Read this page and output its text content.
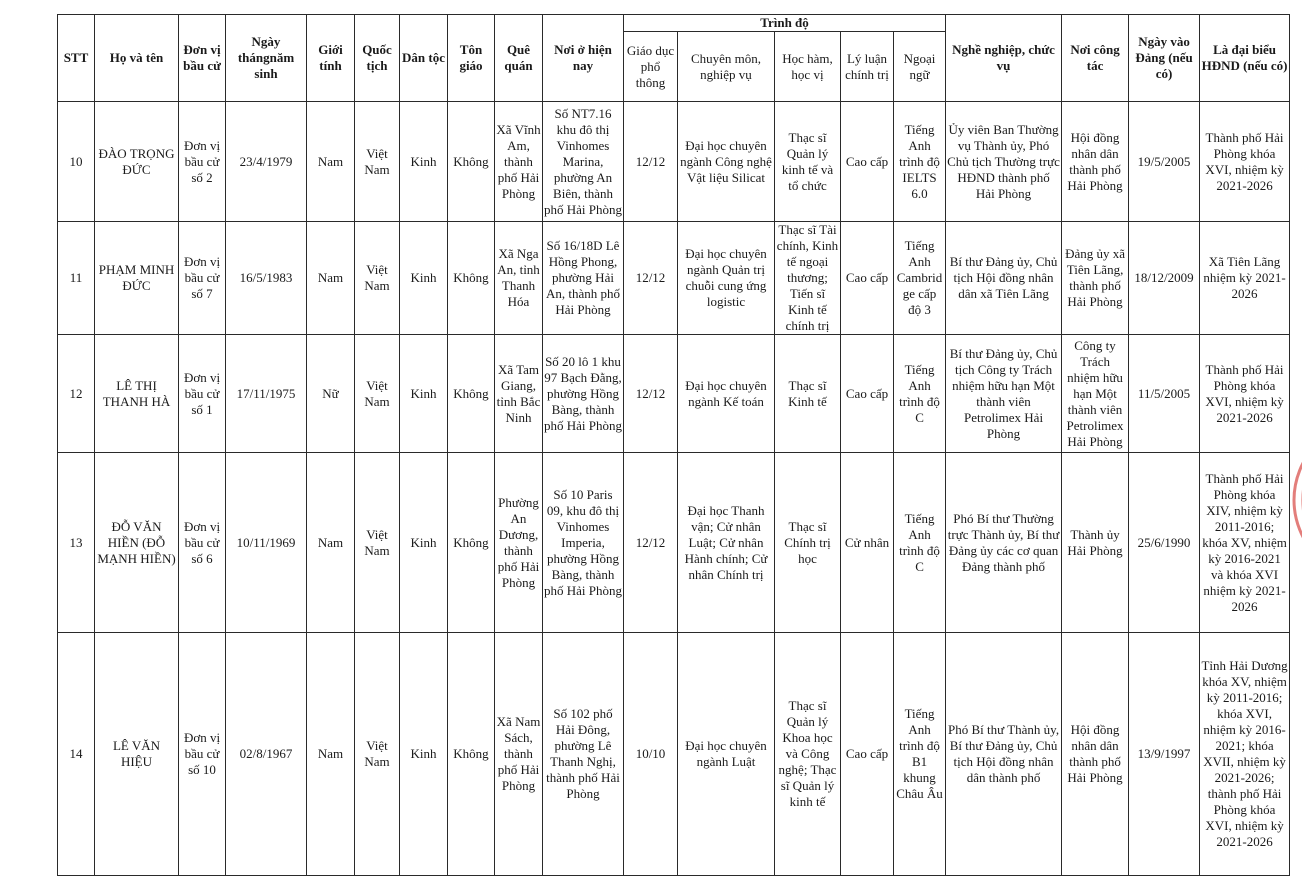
STT	Họ và tên	Đơn vị bầu cử	Ngày thángnăm sinh	Giới tính	Quốc tịch	Dân tộc	Tôn giáo	Quê quán	Nơi ở hiện nay	Trình độ					Nghề nghiệp, chức vụ	Nơi công tác	Ngày vào Đảng (nếu có)	Là đại biểu HĐND (nếu có)
										Giáo dục phổ thông	Chuyên môn, nghiệp vụ	Học hàm, học vị	Lý luận chính trị	Ngoại ngữ				
10	ĐÀO TRỌNG ĐỨC	Đơn vị bầu cử số 2	23/4/1979	Nam	Việt Nam	Kinh	Không	Xã Vĩnh Am, thành phố Hải Phòng	Số NT7.16 khu đô thị Vinhomes Marina, phường An Biên, thành phố Hải Phòng	12/12	Đại học chuyên ngành Công nghệ Vật liệu Silicat	Thạc sĩ Quản lý kinh tế và tổ chức	Cao cấp	Tiếng Anh trình độ IELTS 6.0	Ủy viên Ban Thường vụ Thành ủy, Phó Chủ tịch Thường trực HĐND thành phố Hải Phòng	Hội đồng nhân dân thành phố Hải Phòng	19/5/2005	Thành phố Hải Phòng khóa XVI, nhiệm kỳ 2021-2026
11	PHẠM MINH ĐỨC	Đơn vị bầu cử số 7	16/5/1983	Nam	Việt Nam	Kinh	Không	Xã Nga An, tỉnh Thanh Hóa	Số 16/18D Lê Hồng Phong, phường Hải An, thành phố Hải Phòng	12/12	Đại học chuyên ngành Quản trị chuỗi cung ứng logistic	Thạc sĩ Tài chính, Kinh tế ngoại thương; Tiến sĩ Kinh tế chính trị	Cao cấp	Tiếng Anh Cambridge cấp độ 3	Bí thư Đảng ủy, Chủ tịch Hội đồng nhân dân xã Tiên Lãng	Đảng ủy xã Tiên Lãng, thành phố Hải Phòng	18/12/2009	Xã Tiên Lãng nhiệm kỳ 2021-2026
12	LÊ THỊ THANH HÀ	Đơn vị bầu cử số 1	17/11/1975	Nữ	Việt Nam	Kinh	Không	Xã Tam Giang, tỉnh Bắc Ninh	Số 20 lô 1 khu 97 Bạch Đằng, phường Hồng Bàng, thành phố Hải Phòng	12/12	Đại học chuyên ngành Kế toán	Thạc sĩ Kinh tế	Cao cấp	Tiếng Anh trình độ C	Bí thư Đảng ủy, Chủ tịch Công ty Trách nhiệm hữu hạn Một thành viên Petrolimex Hải Phòng	Công ty Trách nhiệm hữu hạn Một thành viên Petrolimex Hải Phòng	11/5/2005	Thành phố Hải Phòng khóa XVI, nhiệm kỳ 2021-2026
13	ĐỖ VĂN HIỀN (ĐỖ MẠNH HIỀN)	Đơn vị bầu cử số 6	10/11/1969	Nam	Việt Nam	Kinh	Không	Phường An Dương, thành phố Hải Phòng	Số 10 Paris 09, khu đô thị Vinhomes Imperia, phường Hồng Bàng, thành phố Hải Phòng	12/12	Đại học Thanh vận; Cử nhân Luật; Cử nhân Hành chính; Cử nhân Chính trị	Thạc sĩ Chính trị học	Cử nhân	Tiếng Anh trình độ C	Phó Bí thư Thường trực Thành ủy, Bí thư Đảng ủy các cơ quan Đảng thành phố	Thành ủy Hải Phòng	25/6/1990	Thành phố Hải Phòng khóa XIV, nhiệm kỳ 2011-2016; khóa XV, nhiệm kỳ 2016-2021 và khóa XVI nhiệm kỳ 2021-2026
14	LÊ VĂN HIỆU	Đơn vị bầu cử số 10	02/8/1967	Nam	Việt Nam	Kinh	Không	Xã Nam Sách, thành phố Hải Phòng	Số 102 phố Hải Đông, phường Lê Thanh Nghị, thành phố Hải Phòng	10/10	Đại học chuyên ngành Luật	Thạc sĩ Quản lý Khoa học và Công nghệ; Thạc sĩ Quản lý kinh tế	Cao cấp	Tiếng Anh trình độ B1 khung Châu Âu	Phó Bí thư Thành ủy, Bí thư Đảng ủy, Chủ tịch Hội đồng nhân dân thành phố	Hội đồng nhân dân thành phố Hải Phòng	13/9/1997	Tỉnh Hải Dương khóa XV, nhiệm kỳ 2011-2016; khóa XVI, nhiệm kỳ 2016-2021; khóa XVII, nhiệm kỳ 2021-2026; thành phố Hải Phòng khóa XVI, nhiệm kỳ 2021-2026
